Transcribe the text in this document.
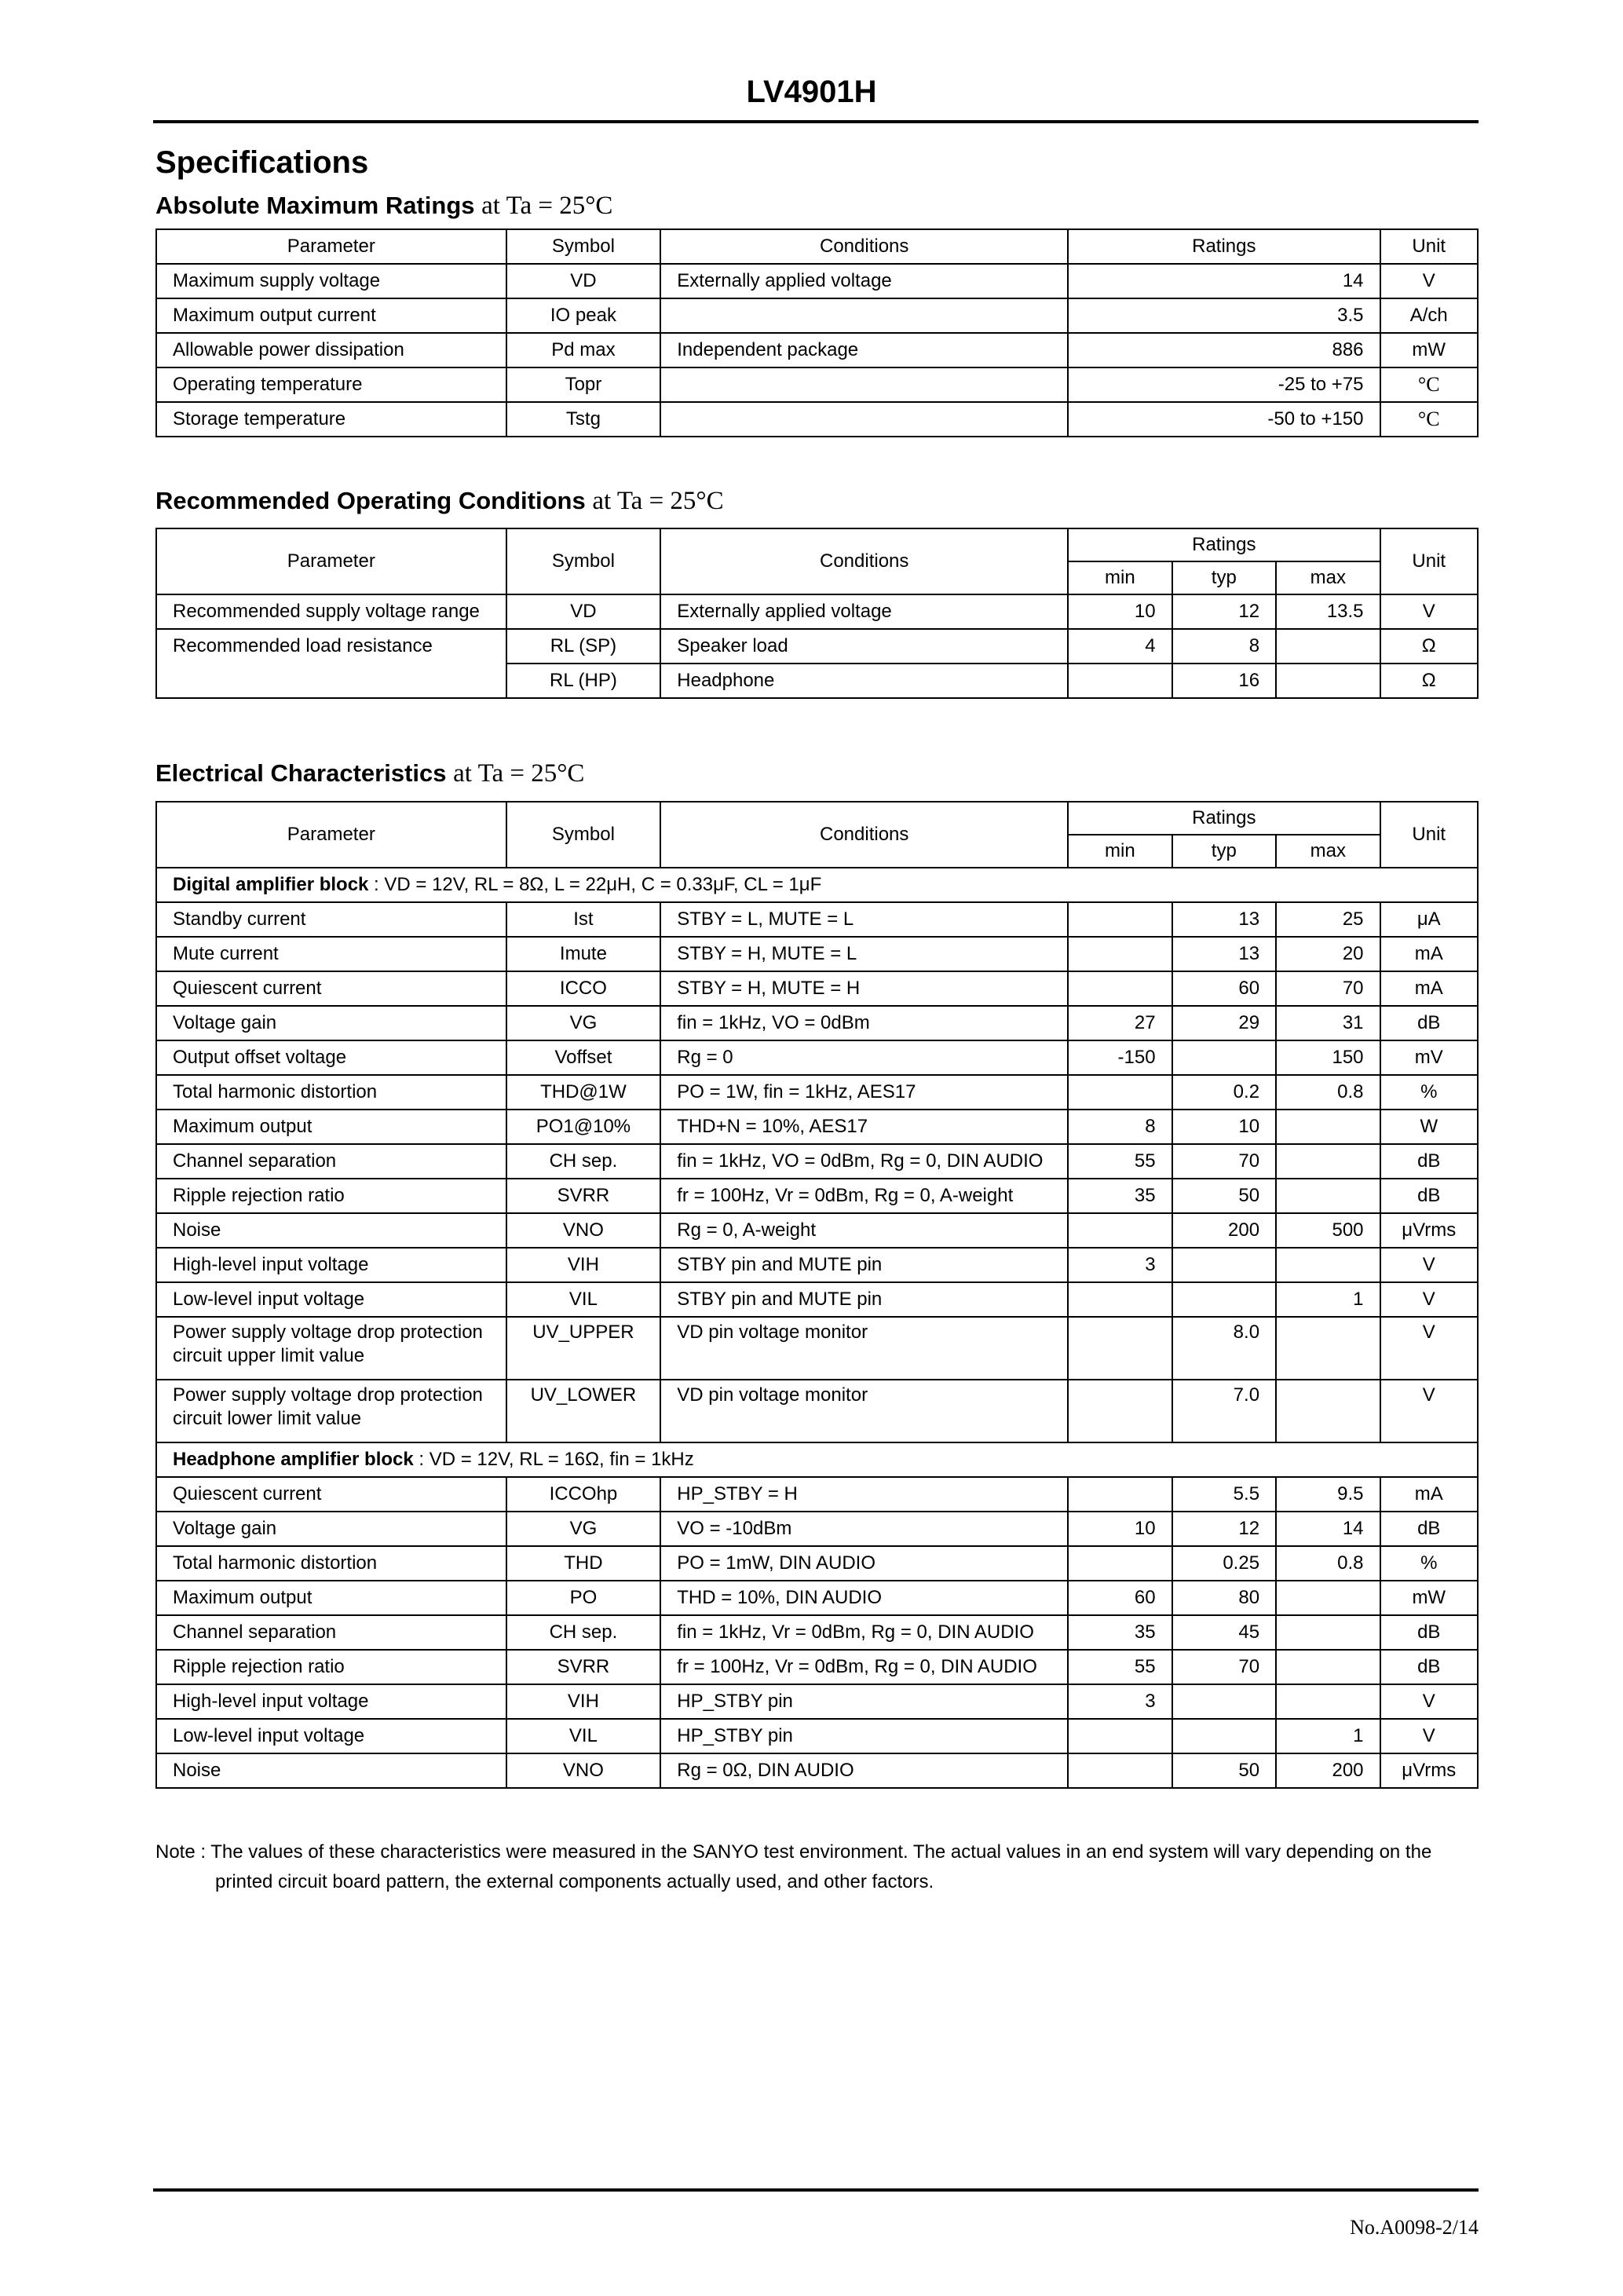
LV4901H
Specifications
Absolute Maximum Ratings at Ta = 25°C
Parameter	Symbol	Conditions	Ratings	Unit
Maximum supply voltage	VD	Externally applied voltage	14	V
Maximum output current	IO peak		3.5	A/ch
Allowable power dissipation	Pd max	Independent package	886	mW
Operating temperature	Topr		-25 to +75	°C
Storage temperature	Tstg		-50 to +150	°C
Recommended Operating Conditions at Ta = 25°C
Parameter	Symbol	Conditions	Ratings			Unit
			min	typ	max	
Recommended supply voltage range	VD	Externally applied voltage	10	12	13.5	V
Recommended load resistance	RL (SP)	Speaker load	4	8		Ω
	RL (HP)	Headphone		16		Ω
Electrical Characteristics at Ta = 25°C
Parameter	Symbol	Conditions	Ratings			Unit
			min	typ	max	
Digital amplifier block : VD = 12V, RL = 8Ω, L = 22μH, C = 0.33μF, CL = 1μF						
Standby current	Ist	STBY = L, MUTE = L		13	25	μA
Mute current	Imute	STBY = H, MUTE = L		13	20	mA
Quiescent current	ICCO	STBY = H, MUTE = H		60	70	mA
Voltage gain	VG	fin = 1kHz, VO = 0dBm	27	29	31	dB
Output offset voltage	Voffset	Rg = 0	-150		150	mV
Total harmonic distortion	THD@1W	PO = 1W, fin = 1kHz, AES17		0.2	0.8	%
Maximum output	PO1@10%	THD+N = 10%, AES17	8	10		W
Channel separation	CH sep.	fin = 1kHz, VO = 0dBm, Rg = 0, DIN AUDIO	55	70		dB
Ripple rejection ratio	SVRR	fr = 100Hz, Vr = 0dBm, Rg = 0, A-weight	35	50		dB
Noise	VNO	Rg = 0, A-weight		200	500	μVrms
High-level input voltage	VIH	STBY pin and MUTE pin	3			V
Low-level input voltage	VIL	STBY pin and MUTE pin			1	V
Power supply voltage drop protection circuit upper limit value	UV_UPPER	VD pin voltage monitor		8.0		V
Power supply voltage drop protection circuit lower limit value	UV_LOWER	VD pin voltage monitor		7.0		V
Headphone amplifier block : VD = 12V, RL = 16Ω, fin = 1kHz						
Quiescent current	ICCOhp	HP_STBY = H		5.5	9.5	mA
Voltage gain	VG	VO = -10dBm	10	12	14	dB
Total harmonic distortion	THD	PO = 1mW, DIN AUDIO		0.25	0.8	%
Maximum output	PO	THD = 10%, DIN AUDIO	60	80		mW
Channel separation	CH sep.	fin = 1kHz, Vr = 0dBm, Rg = 0, DIN AUDIO	35	45		dB
Ripple rejection ratio	SVRR	fr = 100Hz, Vr = 0dBm, Rg = 0, DIN AUDIO	55	70		dB
High-level input voltage	VIH	HP_STBY pin	3			V
Low-level input voltage	VIL	HP_STBY pin			1	V
Noise	VNO	Rg = 0Ω, DIN AUDIO		50	200	μVrms
Note : The values of these characteristics were measured in the SANYO test environment. The actual values in an end system will vary depending on the
printed circuit board pattern, the external components actually used, and other factors.
No.A0098-2/14
